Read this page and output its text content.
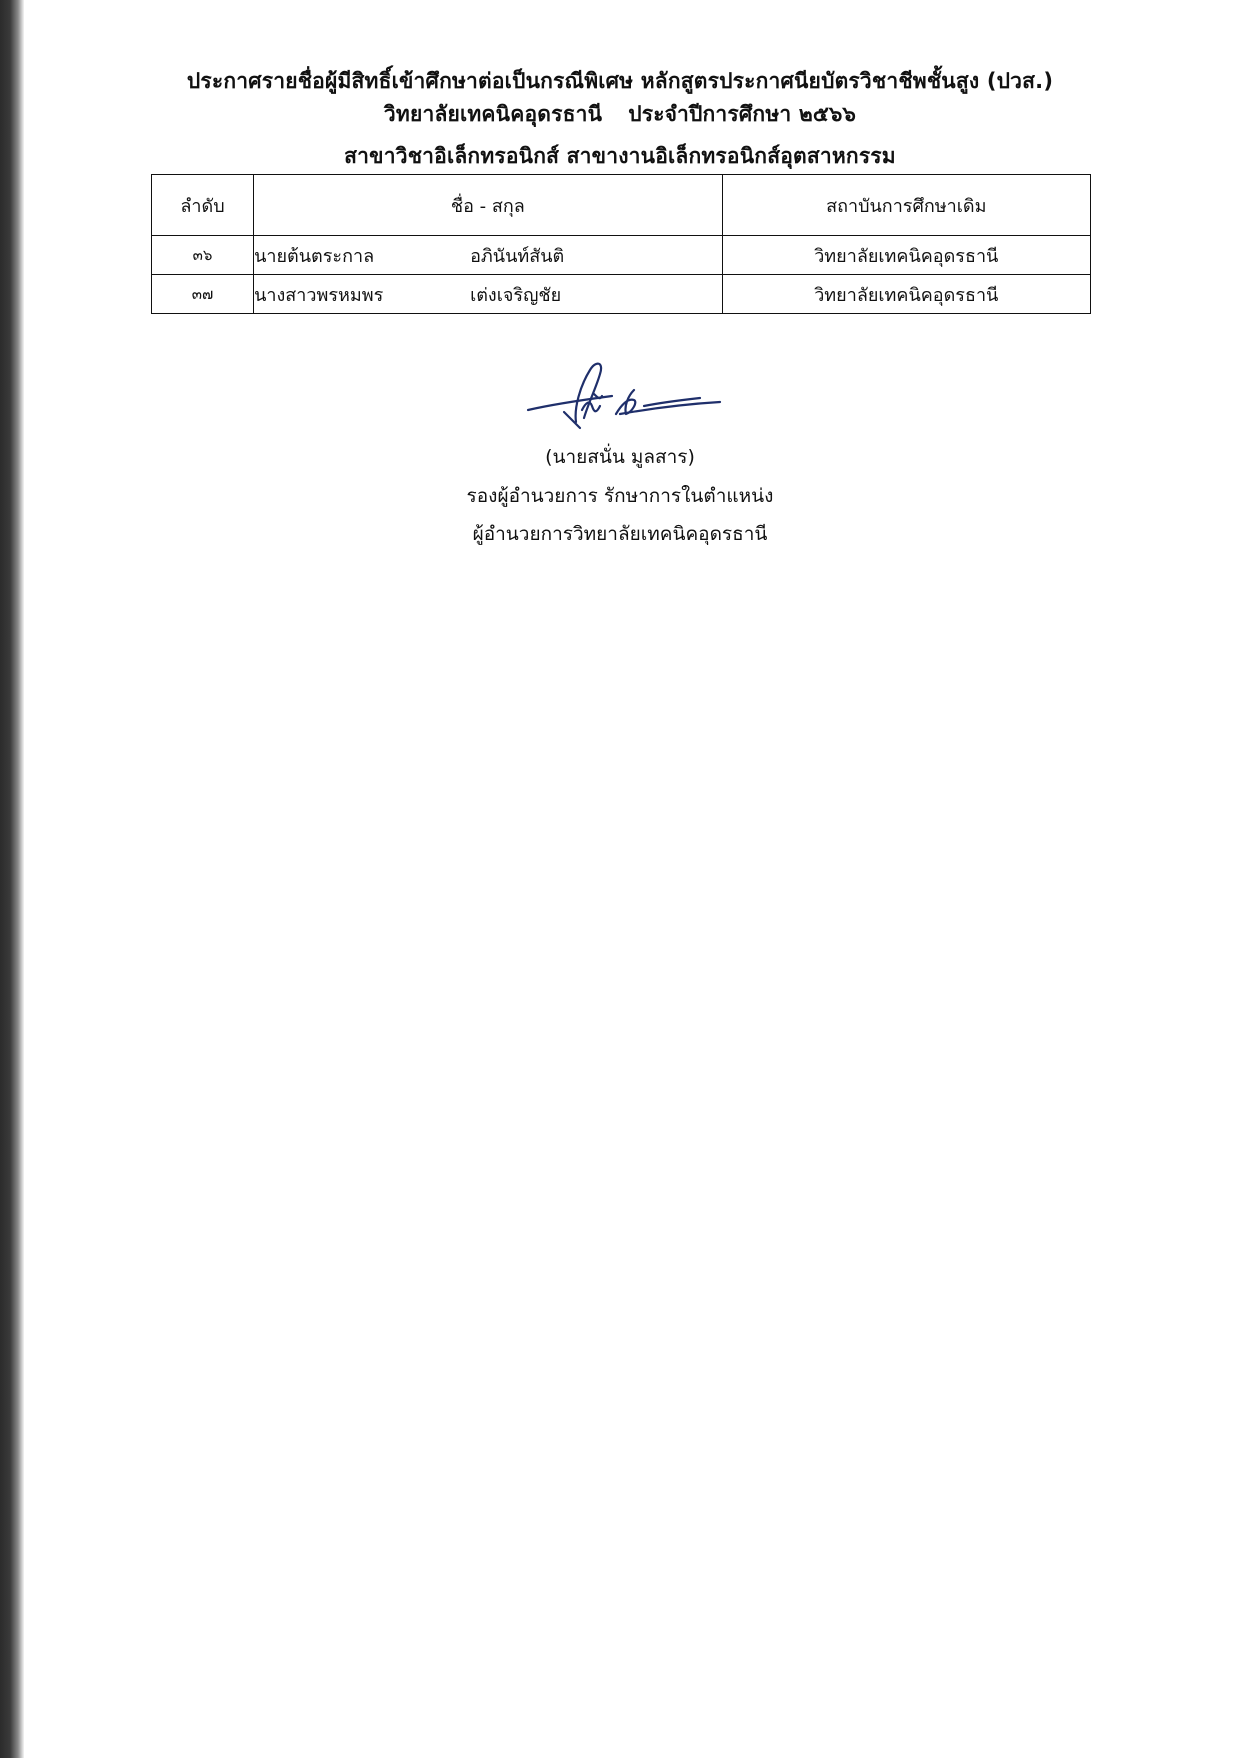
ประกาศรายชื่อผู้มีสิทธิ์เข้าศึกษาต่อเป็นกรณีพิเศษ หลักสูตรประกาศนียบัตรวิชาชีพชั้นสูง (ปวส.)
วิทยาลัยเทคนิคอุดรธานี ประจำปีการศึกษา ๒๕๖๖
สาขาวิชาอิเล็กทรอนิกส์ สาขางานอิเล็กทรอนิกส์อุตสาหกรรม
ลำดับ	ชื่อ - สกุล	สถาบันการศึกษาเดิม
๓๖	นายต้นตระกาล อภินันท์สันติ	วิทยาลัยเทคนิคอุดรธานี
๓๗	นางสาวพรหมพร เต่งเจริญชัย	วิทยาลัยเทคนิคอุดรธานี
(นายสนั่น มูลสาร)
รองผู้อำนวยการ รักษาการในตำแหน่ง
ผู้อำนวยการวิทยาลัยเทคนิคอุดรธานี
